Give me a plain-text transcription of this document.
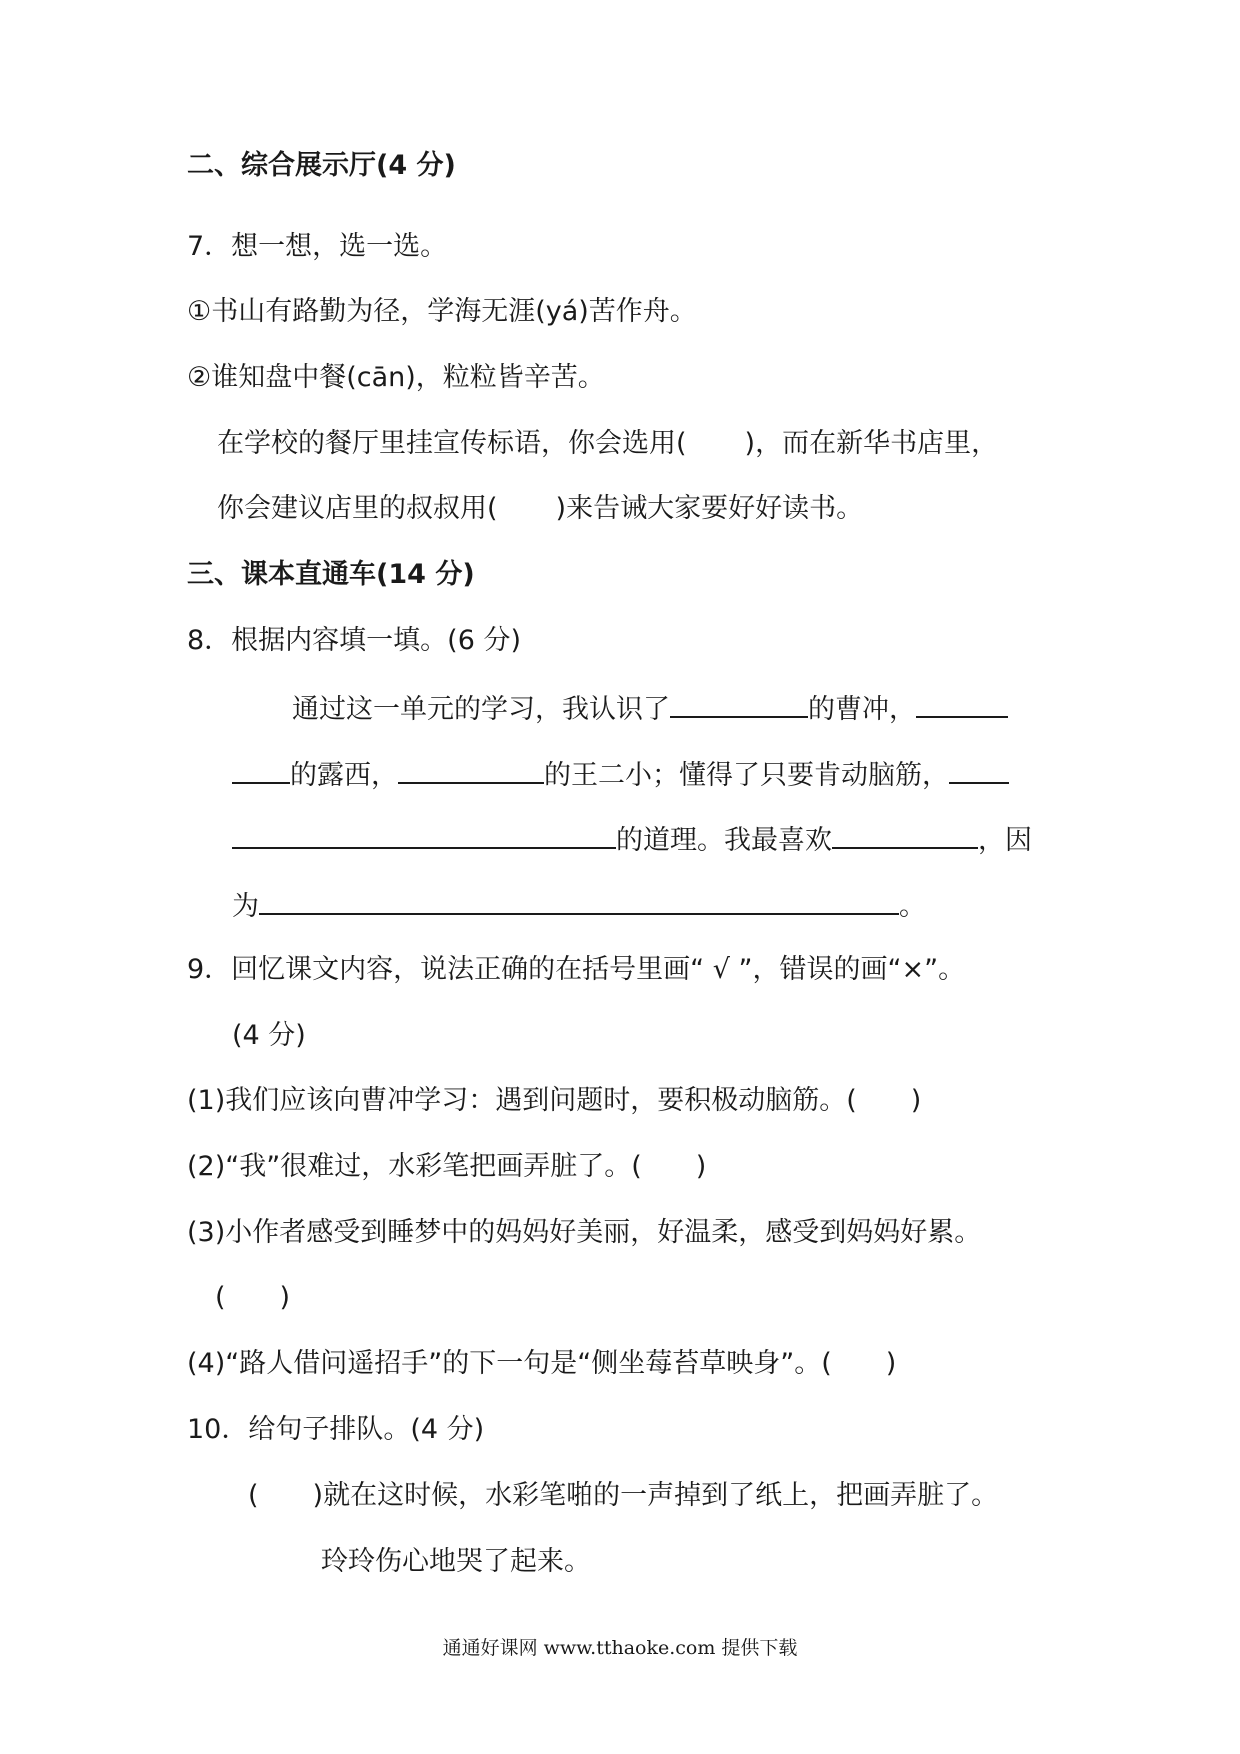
二、综合展示厅(4 分)
7．想一想，选一选。
①书山有路勤为径，学海无涯(yá)苦作舟。
②谁知盘中餐(cān)，粒粒皆辛苦。
在学校的餐厅里挂宣传标语，你会选用( )，而在新华书店里，
你会建议店里的叔叔用( )来告诫大家要好好读书。
三、课本直通车(14 分)
8．根据内容填一填。(6 分)
通过这一单元的学习，我认识了	的曹冲，
的露西，	的王二小；懂得了只要肯动脑筋，
的道理。我最喜欢	，因
为	。
9．回忆课文内容，说法正确的在括号里画“ √ ”，错误的画“×”。
(4 分)
(1)我们应该向曹冲学习：遇到问题时，要积极动脑筋。( )
(2)“我”很难过，水彩笔把画弄脏了。( )
(3)小作者感受到睡梦中的妈妈好美丽，好温柔，感受到妈妈好累。
( )
(4)“路人借问遥招手”的下一句是“侧坐莓苔草映身”。( )
10．给句子排队。(4 分)
( )就在这时候，水彩笔啪的一声掉到了纸上，把画弄脏了。
玲玲伤心地哭了起来。
通通好课网 www.tthaoke.com 提供下载
